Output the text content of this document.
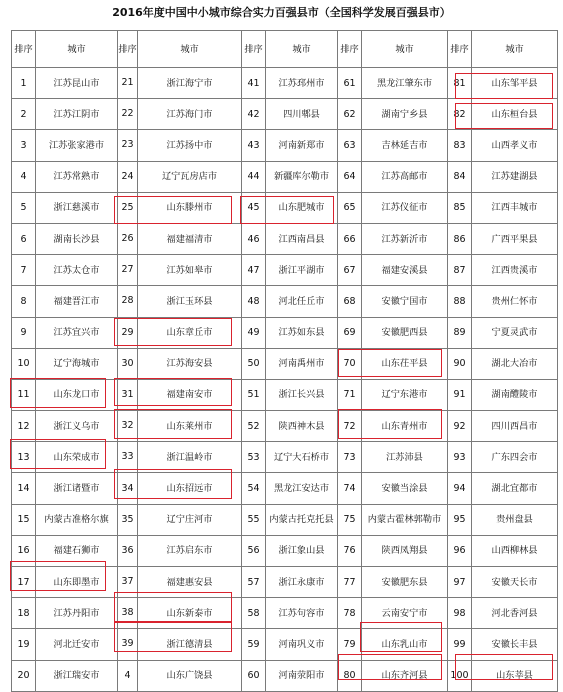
2016年度中国中小城市综合实力百强县市（全国科学发展百强县市）
排序	城市	排序	城市	排序	城市	排序	城市	排序	城市
1	江苏昆山市	21	浙江海宁市	41	江苏邳州市	61	黑龙江肇东市	81	山东邹平县
2	江苏江阴市	22	江苏海门市	42	四川郫县	62	湖南宁乡县	82	山东桓台县
3	江苏张家港市	23	江苏扬中市	43	河南新郑市	63	吉林延吉市	83	山西孝义市
4	江苏常熟市	24	辽宁瓦房店市	44	新疆库尔勒市	64	江苏高邮市	84	江苏建湖县
5	浙江慈溪市	25	山东滕州市	45	山东肥城市	65	江苏仪征市	85	江西丰城市
6	湖南长沙县	26	福建福清市	46	江西南昌县	66	江苏新沂市	86	广西平果县
7	江苏太仓市	27	江苏如皋市	47	浙江平湖市	67	福建安溪县	87	江西贵溪市
8	福建晋江市	28	浙江玉环县	48	河北任丘市	68	安徽宁国市	88	贵州仁怀市
9	江苏宜兴市	29	山东章丘市	49	江苏如东县	69	安徽肥西县	89	宁夏灵武市
10	辽宁海城市	30	江苏海安县	50	河南禹州市	70	山东茌平县	90	湖北大冶市
11	山东龙口市	31	福建南安市	51	浙江长兴县	71	辽宁东港市	91	湖南醴陵市
12	浙江义乌市	32	山东莱州市	52	陕西神木县	72	山东青州市	92	四川西昌市
13	山东荣成市	33	浙江温岭市	53	辽宁大石桥市	73	江苏沛县	93	广东四会市
14	浙江诸暨市	34	山东招远市	54	黑龙江安达市	74	安徽当涂县	94	湖北宜都市
15	内蒙古准格尔旗	35	辽宁庄河市	55	内蒙古托克托县	75	内蒙古霍林郭勒市	95	贵州盘县
16	福建石狮市	36	江苏启东市	56	浙江象山县	76	陕西凤翔县	96	山西柳林县
17	山东即墨市	37	福建惠安县	57	浙江永康市	77	安徽肥东县	97	安徽天长市
18	江苏丹阳市	38	山东新泰市	58	江苏句容市	78	云南安宁市	98	河北香河县
19	河北迁安市	39	浙江德清县	59	河南巩义市	79	山东乳山市	99	安徽长丰县
20	浙江瑞安市	4	山东广饶县	60	河南荥阳市	80	山东齐河县	100	山东莘县
